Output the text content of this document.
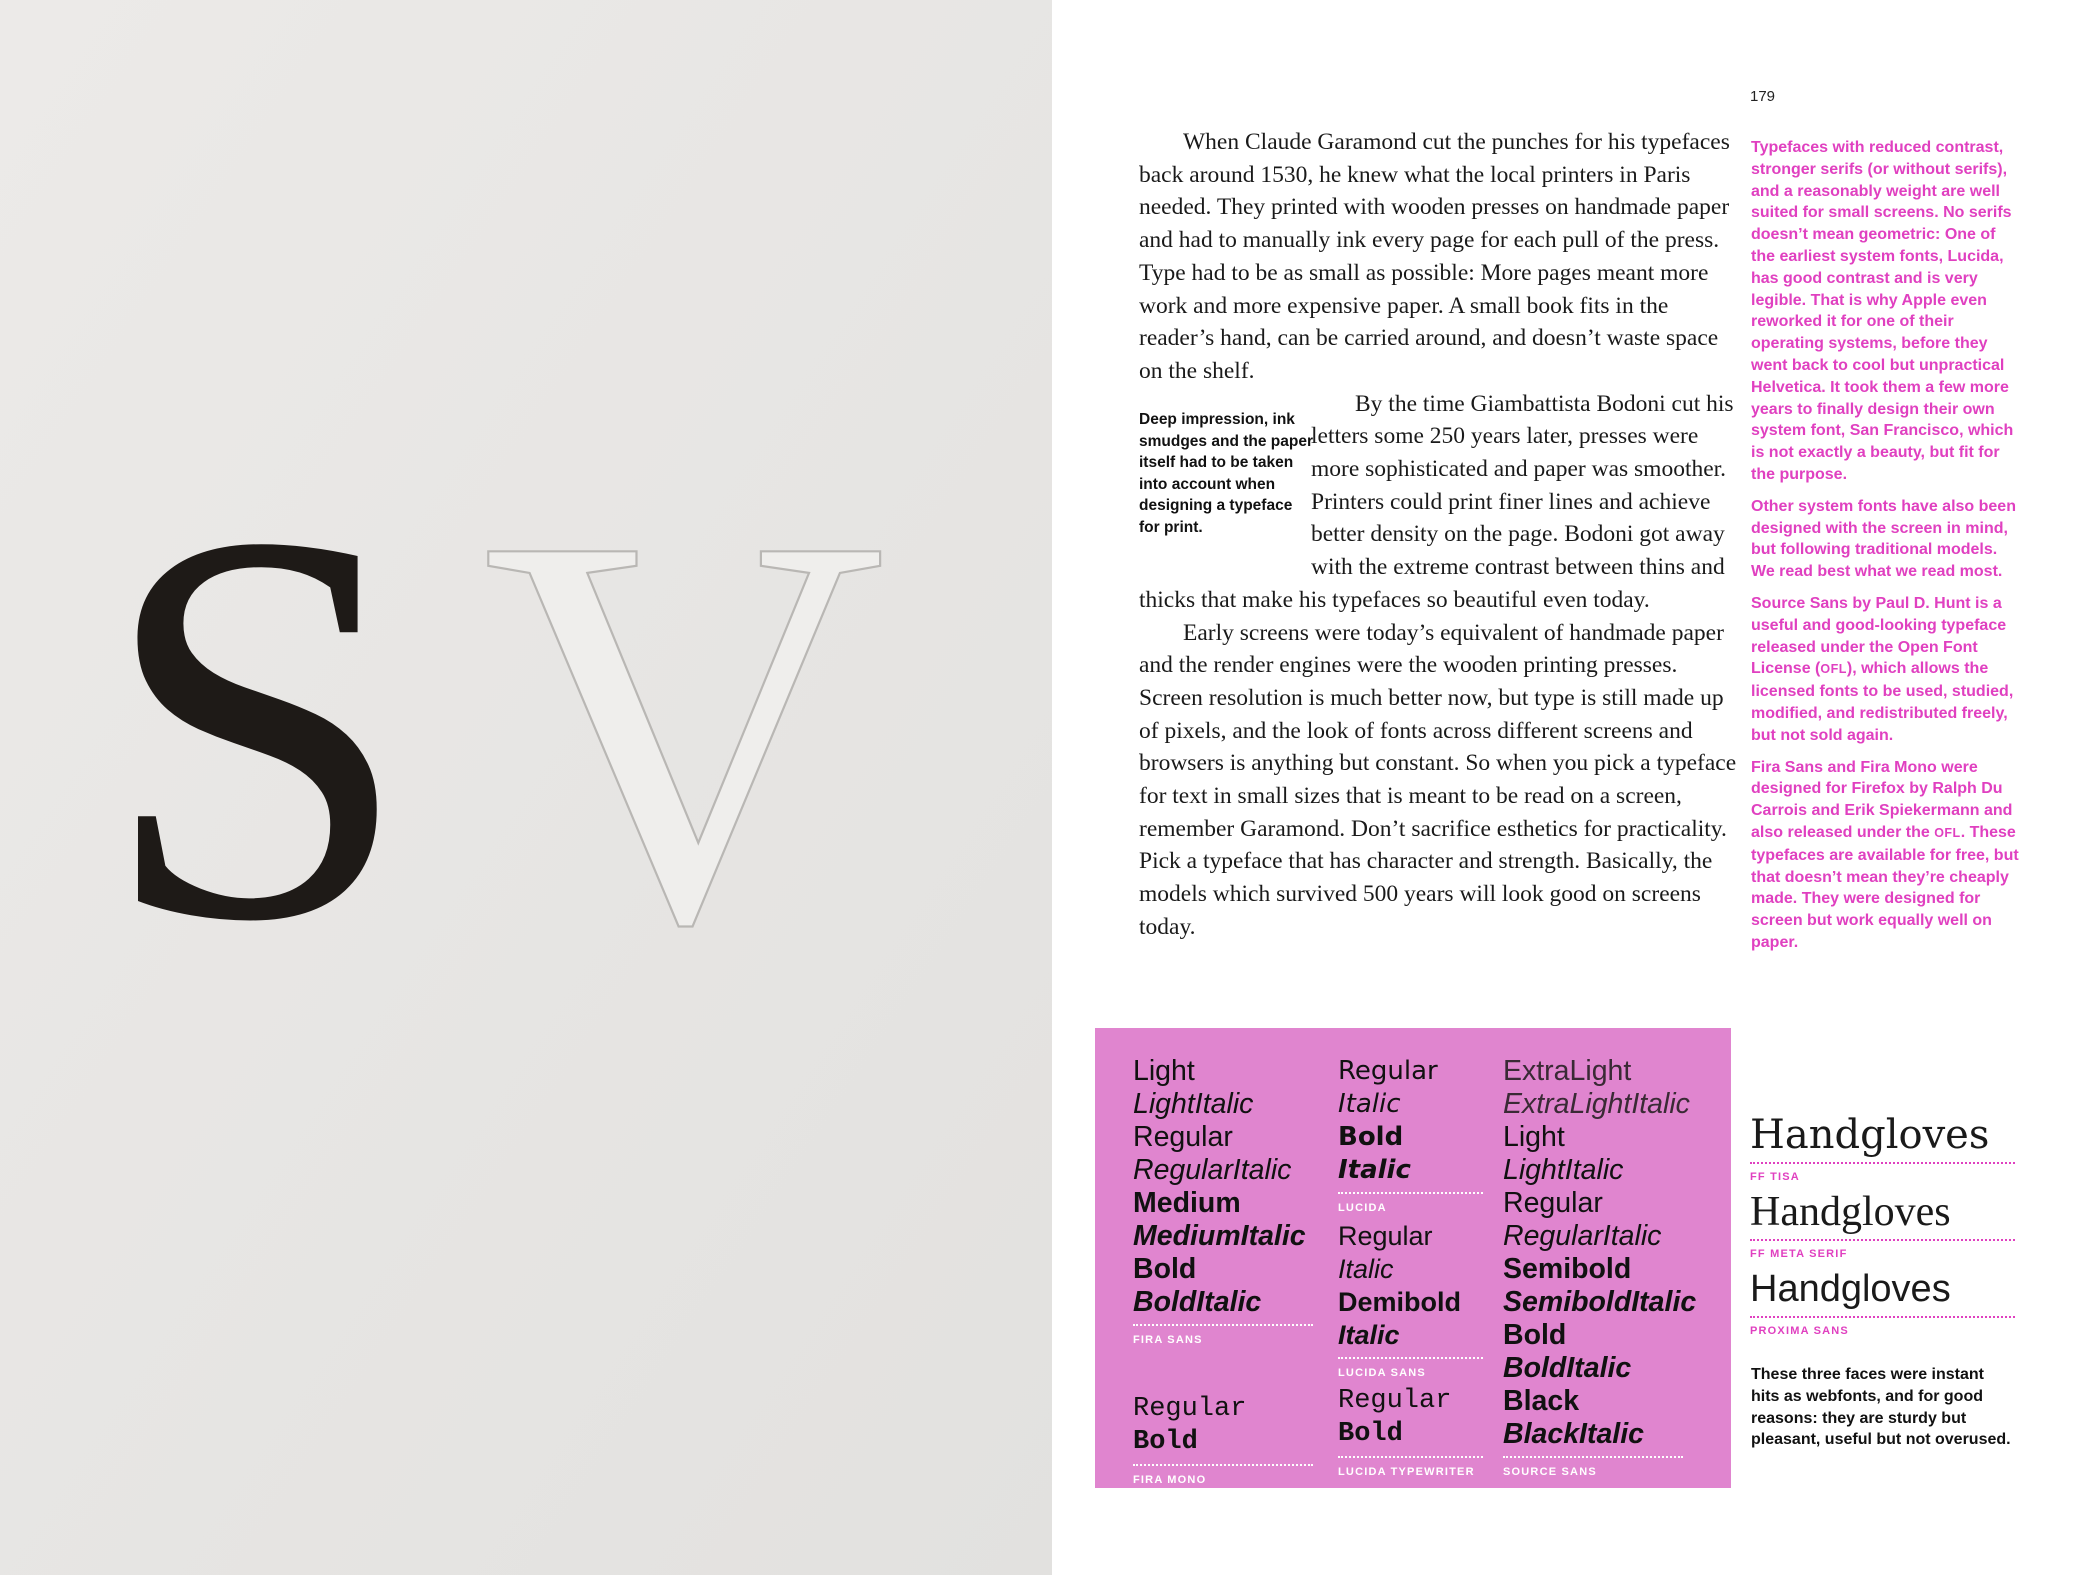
S V
179

When Claude Garamond cut the punches for his typefaces back around 1530, he knew what the local printers in Paris needed. They printed with wooden presses on handmade paper and had to manually ink every page for each pull of the press. Type had to be as small as possible: More pages meant more work and more expensive paper. A small book fits in the reader’s hand, can be carried around, and doesn’t waste space on the shelf.

By the time Giambattista Bodoni cut his letters some 250 years later, presses were more sophisticated and paper was smoother. Printers could print finer lines and achieve better density on the page. Bodoni got away with the extreme contrast between thins and thicks that make his typefaces so beautiful even today.

Early screens were today’s equivalent of handmade paper and the render engines were the wooden printing presses. Screen resolution is much better now, but type is still made up of pixels, and the look of fonts across different screens and browsers is anything but constant. So when you pick a typeface for text in small sizes that is meant to be read on a screen, remember Garamond. Don’t sacrifice esthetics for practicality. Pick a typeface that has character and strength. Basically, the models which survived 500 years will look good on screens today.

Deep impression, ink smudges and the paper itself had to be taken into account when designing a typeface for print.

Typefaces with reduced contrast, stronger serifs (or without serifs), and a reasonably weight are well suited for small screens. No serifs doesn’t mean geometric: One of the earliest system fonts, Lucida, has good contrast and is very legible. That is why Apple even reworked it for one of their operating systems, before they went back to cool but unpractical Helvetica. It took them a few more years to finally design their own system font, San Francisco, which is not exactly a beauty, but fit for the purpose.

Other system fonts have also been designed with the screen in mind, but following traditional models. We read best what we read most.

Source Sans by Paul D. Hunt is a useful and good-looking typeface released under the Open Font License (OFL), which allows the licensed fonts to be used, studied, modified, and redistributed freely, but not sold again.

Fira Sans and Fira Mono were designed for Firefox by Ralph Du Carrois and Erik Spiekermann and also released under the OFL. These typefaces are available for free, but that doesn’t mean they’re cheaply made. They were designed for screen but work equally well on paper.

Light
LightItalic
Regular
RegularItalic
Medium
MediumItalic
Bold
BoldItalic
FIRA SANS
Regular
Bold
FIRA MONO
Regular
Italic
Bold
Italic
LUCIDA
Regular
Italic
Demibold
Italic
LUCIDA SANS
Regular
Bold
LUCIDA TYPEWRITER
ExtraLight
ExtraLightItalic
Light
LightItalic
Regular
RegularItalic
Semibold
SemiboldItalic
Bold
BoldItalic
Black
BlackItalic
SOURCE SANS
Handgloves
FF TISA
Handgloves
FF META SERIF
Handgloves
PROXIMA SANS
These three faces were instant hits as webfonts, and for good reasons: they are sturdy but pleasant, useful but not overused.
